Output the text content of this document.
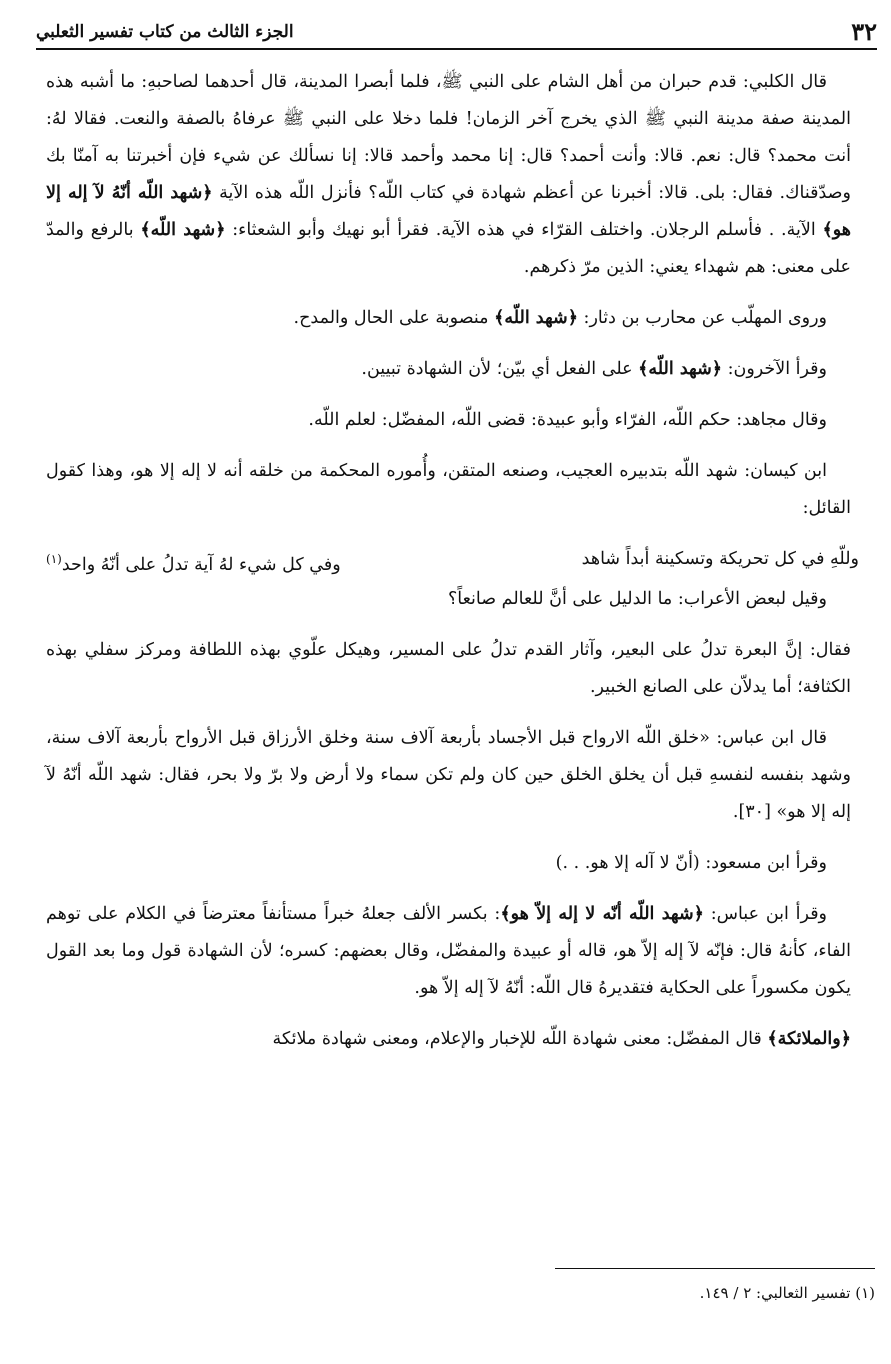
٣٢
الجزء الثالث من كتاب تفسير الثعلبي

قال الكلبي: قدم حبران من أهل الشام على النبي ﷺ، فلما أبصرا المدينة، قال أحدهما لصاحبهِ: ما أشبه هذه المدينة صفة مدينة النبي ﷺ الذي يخرج آخر الزمان! فلما دخلا على النبي ﷺ عرفاهُ بالصفة والنعت. فقالا لهُ: أنت محمد؟ قال: نعم. قالا: وأنت أحمد؟ قال: إنا محمد وأحمد قالا: إنا نسألك عن شيء فإن أخبرتنا به آمنّا بك وصدّقناك. فقال: بلى. قالا: أخبرنا عن أعظم شهادة في كتاب اللّه؟ فأنزل اللّه هذه الآية ﴿شهد اللّه أنّهُ لآ إله إلا هو﴾ الآية. . فأسلم الرجلان. واختلف القرّاء في هذه الآية. فقرأ أبو نهيك وأبو الشعثاء: ﴿شهد اللّه﴾ بالرفع والمدّ على معنى: هم شهداء يعني: الذين مرّ ذكرهم.

وروى المهلّب عن محارب بن دثار: ﴿شهد اللّه﴾ منصوبة على الحال والمدح.

وقرأ الآخرون: ﴿شهد اللّه﴾ على الفعل أي بيّن؛ لأن الشهادة تبيين.

وقال مجاهد: حكم اللّه، الفرّاء وأبو عبيدة: قضى اللّه، المفضّل: لعلم اللّه.

ابن كيسان: شهد اللّه بتدبيره العجيب، وصنعه المتقن، وأُموره المحكمة من خلقه أنه لا إله إلا هو، وهذا كقول القائل:

وللّهِ في كل تحريكة وتسكينة أبداً شاهد
وفي كل شيء لهُ آية تدلُ على أنّهُ واحد$^{(١)}$

وقيل لبعض الأعراب: ما الدليل على أنَّ للعالم صانعاً؟

فقال: إنَّ البعرة تدلُ على البعير، وآثار القدم تدلُ على المسير، وهيكل علّوي بهذه اللطافة ومركز سفلي بهذه الكثافة؛ أما يدلاّن على الصانع الخبير.

قال ابن عباس: «خلق اللّه الارواح قبل الأجساد بأربعة آلاف سنة وخلق الأرزاق قبل الأرواح بأربعة آلاف سنة، وشهد بنفسه لنفسهِ قبل أن يخلق الخلق حين كان ولم تكن سماء ولا أرض ولا برّ ولا بحر، فقال: شهد اللّه أنّهُ لآ إله إلا هو» [٣٠].

وقرأ ابن مسعود: (أنّ لا آله إلا هو. . .)

وقرأ ابن عباس: ﴿شهد اللّه أنّه لا إله إلاّ هو﴾: بكسر الألف جعلهُ خبراً مستأنفاً معترضاً في الكلام على توهم الفاء، كأنهُ قال: فإنّه لآ إله إلاّ هو، قاله أو عبيدة والمفضّل، وقال بعضهم: كسره؛ لأن الشهادة قول وما بعد القول يكون مكسوراً على الحكاية فتقديرهُ قال اللّه: أنّهُ لآ إله إلاّ هو.

﴿والملائكة﴾ قال المفضّل: معنى شهادة اللّه للإخبار والإعلام، ومعنى شهادة ملائكة

(١) تفسير الثعالبي: ٢ / ١٤٩.
